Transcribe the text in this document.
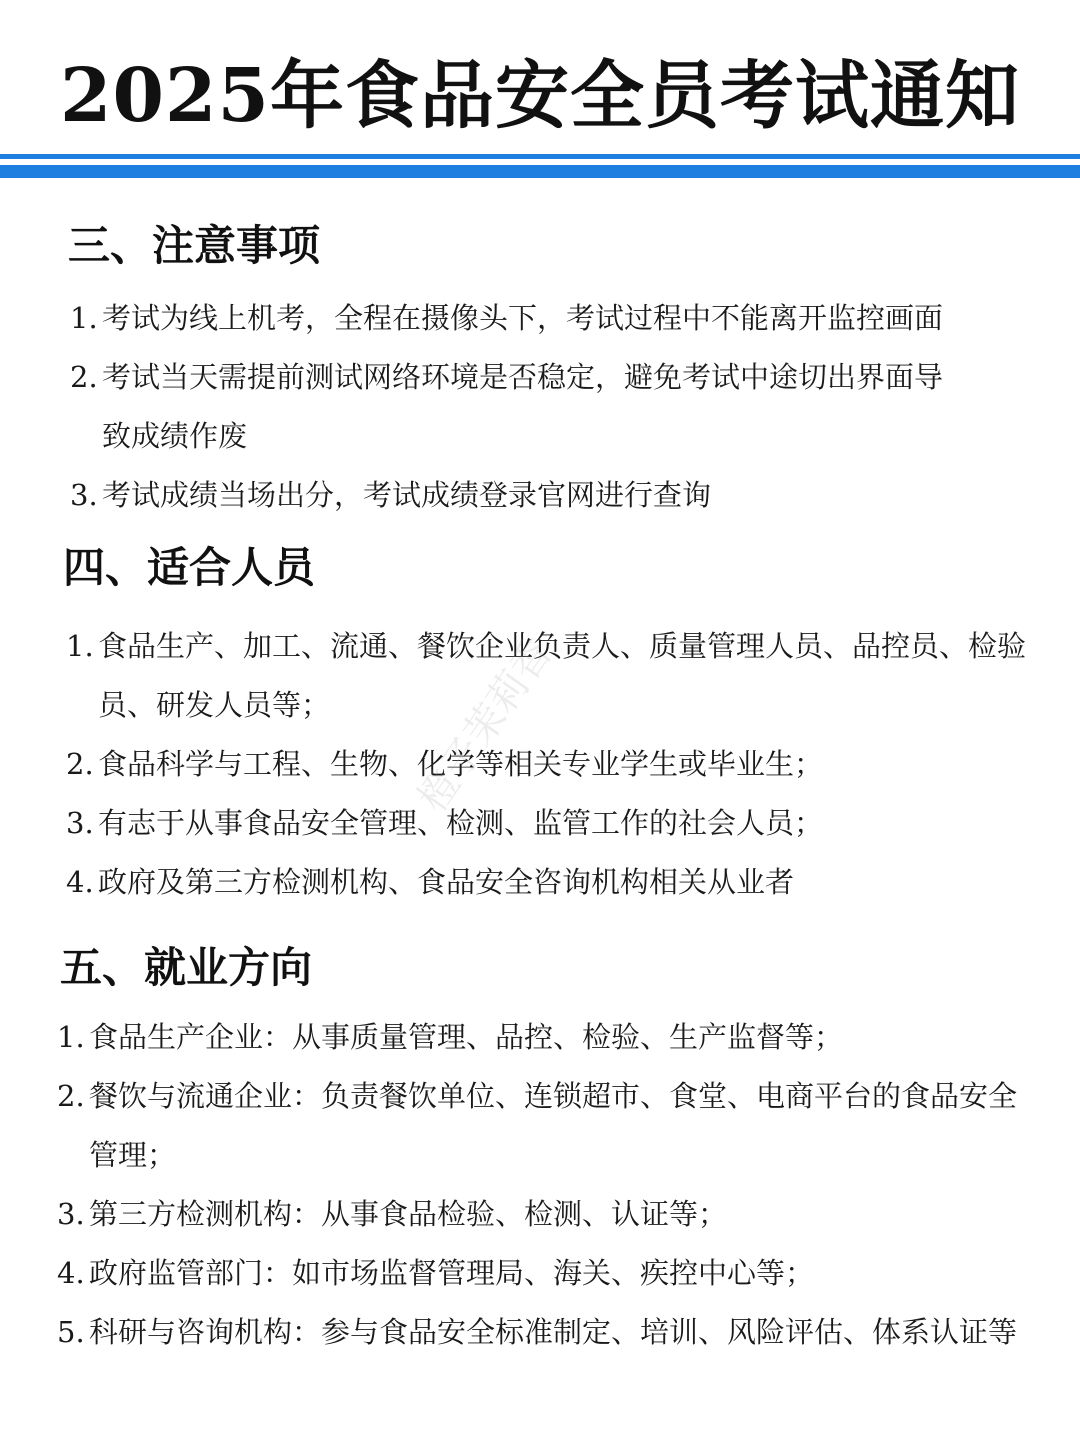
2025年食品安全员考试通知
三、注意事项
1. 考试为线上机考，全程在摄像头下，考试过程中不能离开监控画面
2. 考试当天需提前测试网络环境是否稳定，避免考试中途切出界面导致成绩作废
3. 考试成绩当场出分，考试成绩登录官网进行查询
四、适合人员
1. 食品生产、加工、流通、餐饮企业负责人、质量管理人员、品控员、检验员、研发人员等；
2. 食品科学与工程、生物、化学等相关专业学生或毕业生；
3. 有志于从事食品安全管理、检测、监管工作的社会人员；
4. 政府及第三方检测机构、食品安全咨询机构相关从业者
五、就业方向
1. 食品生产企业：从事质量管理、品控、检验、生产监督等；
2. 餐饮与流通企业：负责餐饮单位、连锁超市、食堂、电商平台的食品安全管理；
3. 第三方检测机构：从事食品检验、检测、认证等；
4. 政府监管部门：如市场监督管理局、海关、疾控中心等；
5. 科研与咨询机构：参与食品安全标准制定、培训、风险评估、体系认证等
橙子茉莉香
